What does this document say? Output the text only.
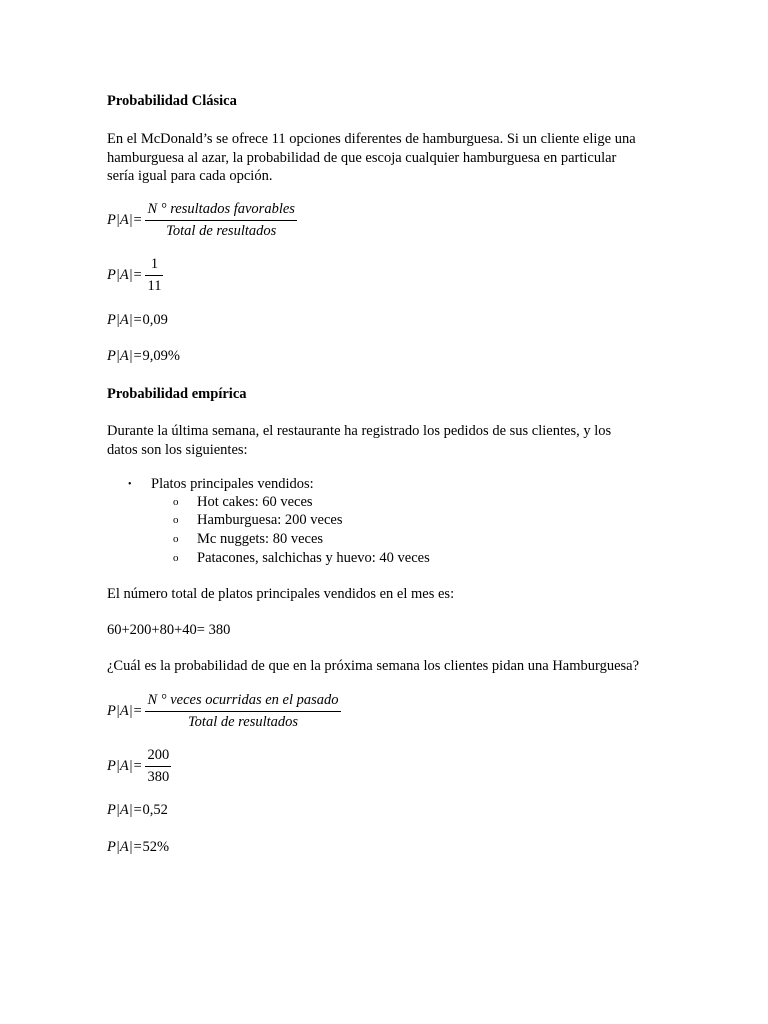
Probabilidad Clásica
En el McDonald’s se ofrece 11 opciones diferentes de hamburguesa. Si un cliente elige una
hamburguesa al azar, la probabilidad de que escoja cualquier hamburguesa en particular
sería igual para cada opción.
$P|A|= \frac{\text{N ° resultados favorables}}{\text{Total de resultados}}$
$P|A|= \frac{1}{11}$
P|A|= 0,09
P|A|= 9,09%
Probabilidad empírica
Durante la última semana, el restaurante ha registrado los pedidos de sus clientes, y los
datos son los siguientes:
• Platos principales vendidos:
o Hot cakes: 60 veces
o Hamburguesa: 200 veces
o Mc nuggets: 80 veces
o Patacones, salchichas y huevo: 40 veces
El número total de platos principales vendidos en el mes es:
60+200+80+40= 380
¿Cuál es la probabilidad de que en la próxima semana los clientes pidan una Hamburguesa?
$P|A|= \frac{\text{N ° veces ocurridas en el pasado}}{\text{Total de resultados}}$
$P|A|= \frac{200}{380}$
P|A|= 0,52
P|A|= 52%
